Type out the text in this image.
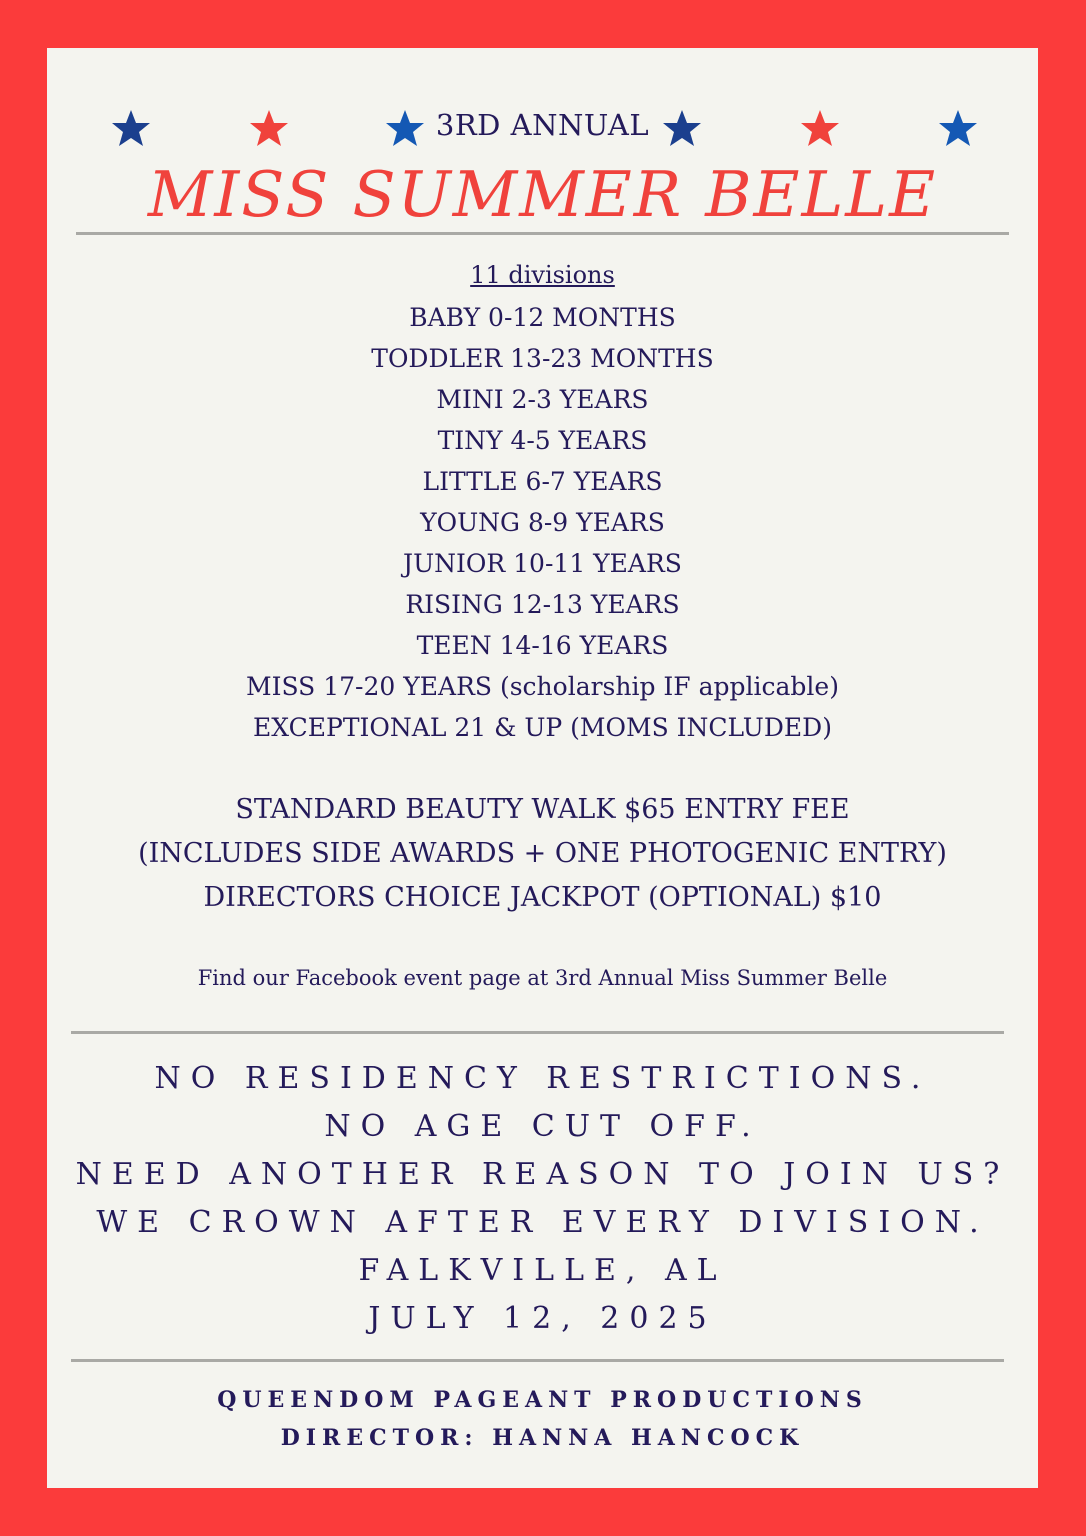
3RD ANNUAL
MISS SUMMER BELLE
11 divisions
BABY 0-12 MONTHS
TODDLER 13-23 MONTHS
MINI 2-3 YEARS
TINY 4-5 YEARS
LITTLE 6-7 YEARS
YOUNG 8-9 YEARS
JUNIOR 10-11 YEARS
RISING 12-13 YEARS
TEEN 14-16 YEARS
MISS 17-20 YEARS (scholarship IF applicable)
EXCEPTIONAL 21 & UP (MOMS INCLUDED)
STANDARD BEAUTY WALK $65 ENTRY FEE
(INCLUDES SIDE AWARDS + ONE PHOTOGENIC ENTRY)
DIRECTORS CHOICE JACKPOT (OPTIONAL) $10
Find our Facebook event page at 3rd Annual Miss Summer Belle
NO RESIDENCY RESTRICTIONS.
NO AGE CUT OFF.
NEED ANOTHER REASON TO JOIN US?
WE CROWN AFTER EVERY DIVISION.
FALKVILLE, AL
JULY 12, 2025
QUEENDOM PAGEANT PRODUCTIONS
DIRECTOR: HANNA HANCOCK
